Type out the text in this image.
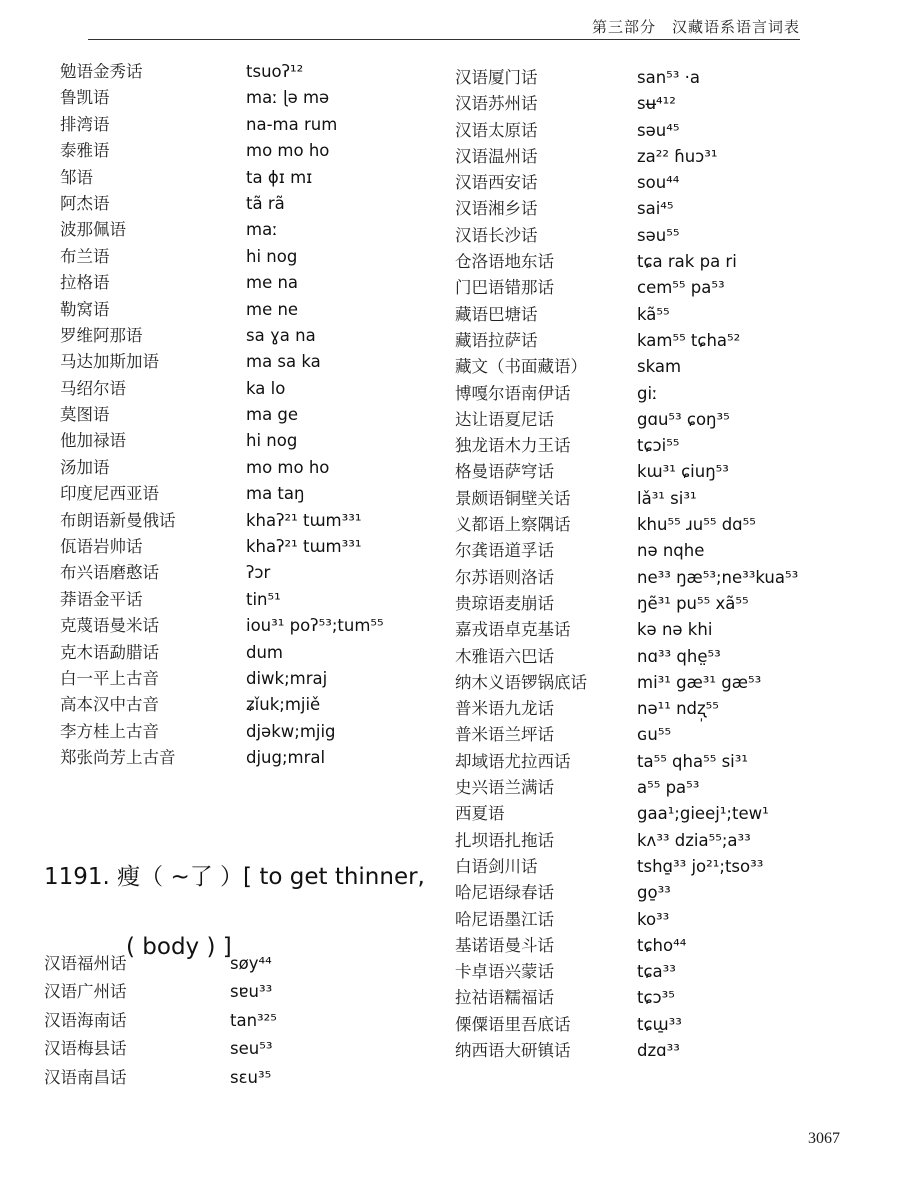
第三部分　汉藏语系语言词表
勉语金秀话	tsuoʔ¹²
鲁凯语	maː ɭə mə
排湾语	na-ma rum
泰雅语	mo mo ho
邹语	ta ɸɪ mɪ
阿杰语	tã rã
波那佩语	maː
布兰语	hi nog
拉格语	me na
勒窝语	me ne
罗维阿那语	sa ɣa na
马达加斯加语	ma sa ka
马绍尔语	ka lo
莫图语	ma ge
他加禄语	hi nog
汤加语	mo mo ho
印度尼西亚语	ma taŋ
布朗语新曼俄话	khaʔ²¹ tɯm³³¹
佤语岩帅话	khaʔ²¹ tɯm³³¹
布兴语磨憨话	ʔɔr
莽语金平话	tin⁵¹
克蔑语曼米话	iou³¹ poʔ⁵³;tum⁵⁵
克木语勐腊话	dum
白一平上古音	diwk;mraj
高本汉中古音	ʑǐuk;mjiě
李方桂上古音	djəkw;mjig
郑张尚芳上古音	djug;mral
1191. 瘦（ ~了 ）[ to get thinner,
( body ) ]
汉语福州话	søy⁴⁴
汉语广州话	sɐu³³
汉语海南话	tan³²⁵
汉语梅县话	seu⁵³
汉语南昌话	sɛu³⁵
汉语厦门话	san⁵³ ·a
汉语苏州话	sʉ⁴¹²
汉语太原话	səu⁴⁵
汉语温州话	za²² ɦuɔ³¹
汉语西安话	sou⁴⁴
汉语湘乡话	sai⁴⁵
汉语长沙话	səu⁵⁵
仓洛语地东话	tɕa rak pa ri
门巴语错那话	cem⁵⁵ pa⁵³
藏语巴塘话	kã⁵⁵
藏语拉萨话	kam⁵⁵ tɕha⁵²
藏文（书面藏语）	skam
博嘎尔语南伊话	giː
达让语夏尼话	gɑu⁵³ ɕoŋ³⁵
独龙语木力王话	tɕɔi⁵⁵
格曼语萨穹话	kɯ³¹ ɕiuŋ⁵³
景颇语铜壁关话	lǎ³¹ si³¹
义都语上察隅话	khu⁵⁵ ɹu⁵⁵ dɑ⁵⁵
尔龚语道孚话	nə nqhe
尔苏语则洛话	ne³³ ŋæ⁵³;ne³³kua⁵³
贵琼语麦崩话	ŋẽ³¹ pu⁵⁵ xã⁵⁵
嘉戎语卓克基话	kə nə khi
木雅语六巴话	nɑ³³ qhe̤⁵³
纳木义语锣锅底话	mi³¹ gæ³¹ gæ⁵³
普米语九龙话	nə¹¹ ndʐ̩⁵⁵
普米语兰坪话	ɢu⁵⁵
却域语尤拉西话	ta⁵⁵ qha⁵⁵ si³¹
史兴语兰满话	a⁵⁵ pa⁵³
西夏语	gaa¹;gieej¹;tew¹
扎坝语扎拖话	kʌ³³ dzia⁵⁵;a³³
白语剑川话	tshɑ̱³³ jo²¹;tso³³
哈尼语绿春话	go̱³³
哈尼语墨江话	ko³³
基诺语曼斗话	tɕho⁴⁴
卡卓语兴蒙话	tɕa³³
拉祜语糯福话	tɕɔ³⁵
傈僳语里吾底话	tɕɯ̱³³
纳西语大研镇话	dzɑ³³
3067
